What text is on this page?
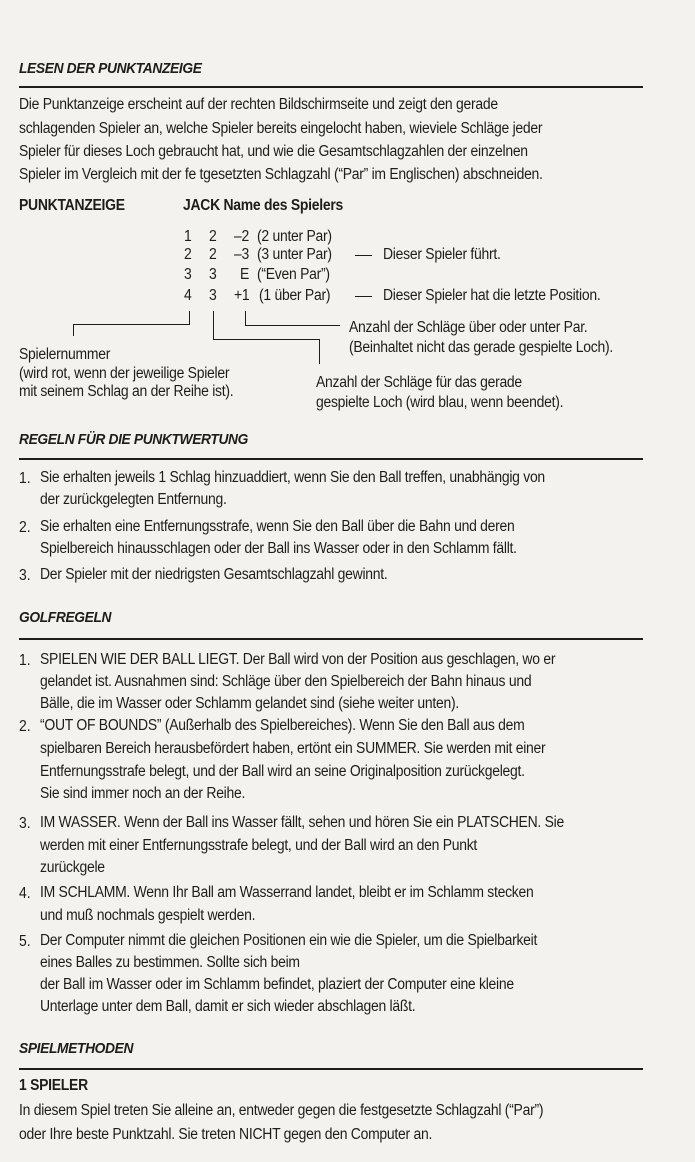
LESEN DER PUNKTANZEIGE
Die Punktanzeige erscheint auf der rechten Bildschirmseite und zeigt den gerade
schlagenden Spieler an, welche Spieler bereits eingelocht haben, wieviele Schläge jeder
Spieler für dieses Loch gebraucht hat, und wie die Gesamtschlagzahlen der einzelnen
Spieler im Vergleich mit der fe tgesetzten Schlagzahl (“Par” im Englischen) abschneiden.
PUNKTANZEIGE	JACK Name des Spielers
1 2 –2 (2 unter Par)
2 2 –3 (3 unter Par)	Dieser Spieler führt.
3 3 E (“Even Par”)
4 3 +1 (1 über Par)	Dieser Spieler hat die letzte Position.
Anzahl der Schläge über oder unter Par.
(Beinhaltet nicht das gerade gespielte Loch).
Spielernummer
(wird rot, wenn der jeweilige Spieler
mit seinem Schlag an der Reihe ist).
Anzahl der Schläge für das gerade
gespielte Loch (wird blau, wenn beendet).
REGELN FÜR DIE PUNKTWERTUNG
1. Sie erhalten jeweils 1 Schlag hinzuaddiert, wenn Sie den Ball treffen, unabhängig von
der zurückgelegten Entfernung.
2. Sie erhalten eine Entfernungsstrafe, wenn Sie den Ball über die Bahn und deren
Spielbereich hinausschlagen oder der Ball ins Wasser oder in den Schlamm fällt.
3. Der Spieler mit der niedrigsten Gesamtschlagzahl gewinnt.
GOLFREGELN
1. SPIELEN WIE DER BALL LIEGT. Der Ball wird von der Position aus geschlagen, wo er
gelandet ist. Ausnahmen sind: Schläge über den Spielbereich der Bahn hinaus und
Bälle, die im Wasser oder Schlamm gelandet sind (siehe weiter unten).
2. “OUT OF BOUNDS” (Außerhalb des Spielbereiches). Wenn Sie den Ball aus dem
spielbaren Bereich herausbefördert haben, ertönt ein SUMMER. Sie werden mit einer
Entfernungsstrafe belegt, und der Ball wird an seine Originalposition zurückgelegt.
Sie sind immer noch an der Reihe.
3. IM WASSER. Wenn der Ball ins Wasser fällt, sehen und hören Sie ein PLATSCHEN. Sie
werden mit einer Entfernungsstrafe belegt, und der Ball wird an den Punkt
zurückgele
4. IM SCHLAMM. Wenn Ihr Ball am Wasserrand landet, bleibt er im Schlamm stecken
und muß nochmals gespielt werden.
5. Der Computer nimmt die gleichen Positionen ein wie die Spieler, um die Spielbarkeit
eines Balles zu bestimmen. Sollte sich beim
der Ball im Wasser oder im Schlamm befindet, plaziert der Computer eine kleine
Unterlage unter dem Ball, damit er sich wieder abschlagen läßt.
SPIELMETHODEN
1 SPIELER
In diesem Spiel treten Sie alleine an, entweder gegen die festgesetzte Schlagzahl (“Par”)
oder Ihre beste Punktzahl. Sie treten NICHT gegen den Computer an.
